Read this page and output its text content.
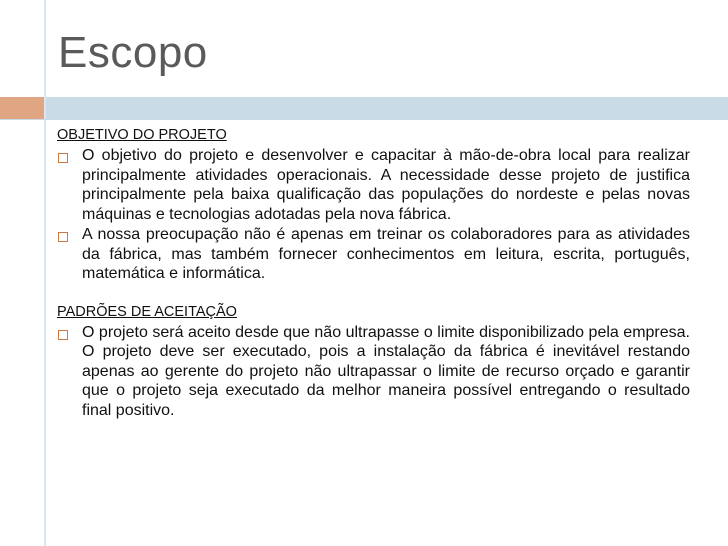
Escopo

OBJETIVO DO PROJETO

O objetivo do projeto e desenvolver e capacitar à mão-de-obra local para realizar principalmente atividades operacionais. A necessidade desse projeto de justifica principalmente pela baixa qualificação das populações do nordeste e pelas novas máquinas e tecnologias adotadas pela nova fábrica.
A nossa preocupação não é apenas em treinar os colaboradores para as atividades da fábrica, mas também fornecer conhecimentos em leitura, escrita, português, matemática e informática.

PADRÕES DE ACEITAÇÃO

O projeto será aceito desde que não ultrapasse o limite disponibilizado pela empresa. O projeto deve ser executado, pois a instalação da fábrica é inevitável restando apenas ao gerente do projeto não ultrapassar o limite de recurso orçado e garantir que o projeto seja executado da melhor maneira possível entregando o resultado final positivo.
